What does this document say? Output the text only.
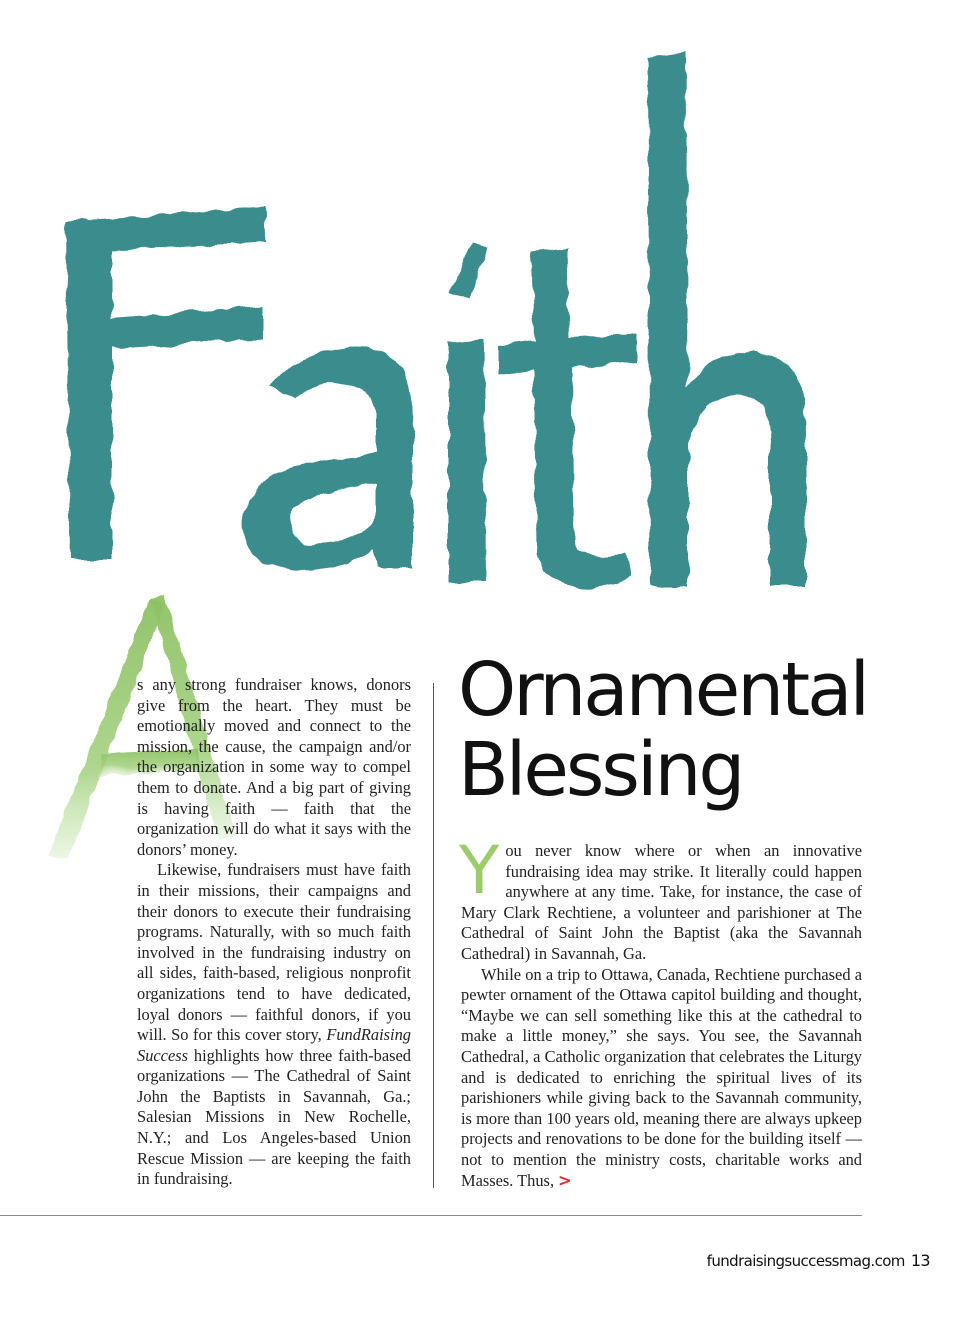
s any strong fundraiser knows, donors give from the heart. They must be emotionally moved and connect to the mission, the cause, the campaign and/or the organization in some way to compel them to donate. And a big part of giving is having faith — faith that the organization will do what it says with the donors’ money.

Likewise, fundraisers must have faith in their missions, their campaigns and their donors to execute their fundraising programs. Naturally, with so much faith involved in the fundraising industry on all sides, faith-based, religious nonprofit organizations tend to have dedicated, loyal donors — faithful donors, if you will. So for this cover story, FundRaising Success highlights how three faith-based organizations — The Cathedral of Saint John the Baptists in Savannah, Ga.; Salesian Missions in New Rochelle, N.Y.; and Los Angeles-based Union Rescue Mission — are keeping the faith in fundraising.

Ornamental
Blessing

You never know where or when an innovative fundraising idea may strike. It literally could happen anywhere at any time. Take, for instance, the case of Mary Clark Rechtiene, a volunteer and parishioner at The Cathedral of Saint John the Baptist (aka the Savannah Cathedral) in Savannah, Ga.

While on a trip to Ottawa, Canada, Rechtiene purchased a pewter ornament of the Ottawa capitol building and thought, “Maybe we can sell something like this at the cathedral to make a little money,” she says. You see, the Savannah Cathedral, a Catholic organization that celebrates the Liturgy and is dedicated to enriching the spiritual lives of its parishioners while giving back to the Savannah community, is more than 100 years old, meaning there are always upkeep projects and renovations to be done for the building itself — not to mention the ministry costs, charitable works and Masses. Thus, >

fundraisingsuccessmag.com 13
